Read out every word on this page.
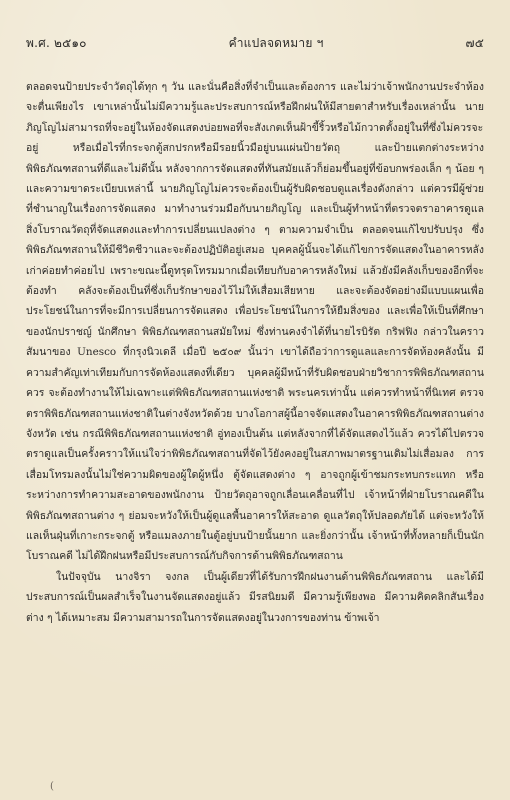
พ.ศ. ๒๕๑๐	คำแปลจดหมาย ฯ	๗๕

ตลอดจนป้ายประจำวัตถุได้ทุก ๆ วัน และนั่นคือสิ่งที่จำเป็นและต้องการ และไม่ว่าเจ้าพนักงานประจำห้องจะตื่นเพียงไร เขาเหล่านั้นไม่มีความรู้และประสบการณ์หรือฝึกฝนให้มีสายตาสำหรับเรื่องเหล่านั้น นายภิญโญไม่สามารถที่จะอยู่ในห้องจัดแสดงบ่อยพอที่จะสังเกตเห็นฝ้าขี้ริ้วหรือไม้กวาดตั้งอยู่ในที่ซึ่งไม่ควรจะอยู่ หรือเมื่อไรที่กระจกตู้สกปรกหรือมีรอยนิ้วมือยู่บนแผ่นป้ายวัตถุ และป้ายแตกต่างระหว่างพิพิธภัณฑสถานที่ดีและไม่ดีนั้น หลังจากการจัดแสดงที่ทันสมัยแล้วก็ย่อมขึ้นอยู่ที่ข้อบกพร่องเล็ก ๆ น้อย ๆ และความขาดระเบียบเหล่านี้ นายภิญโญไม่ควรจะต้องเป็นผู้รับผิดชอบดูแลเรื่องดังกล่าว แต่ควรมีผู้ช่วยที่ชำนาญในเรื่องการจัดแสดง มาทำงานร่วมมือกับนายภิญโญ และเป็นผู้ทำหน้าที่ตรวจตราอาคารดูแลสิ่งโบราณวัตถุที่จัดแสดงและทำการเปลี่ยนแปลงต่าง ๆ ตามความจำเป็น ตลอดจนแก้ไขปรับปรุง ซึ่งพิพิธภัณฑสถานให้มีชีวิตชีวาและจะต้องปฏิบัติอยู่เสมอ บุคคลผู้นั้นจะได้แก้ไขการจัดแสดงในอาคารหลังเก่าค่อยทำค่อยไป เพราะขณะนี้ดูทรุดโทรมมากเมื่อเทียบกับอาคารหลังใหม่ แล้วยังมีคลังเก็บของอีกที่จะต้องทำ คลังจะต้องเป็นที่ซึ่งเก็บรักษาของไว้ไม่ให้เสื่อมเสียหาย และจะต้องจัดอย่างมีแบบแผนเพื่อประโยชน์ในการที่จะมีการเปลี่ยนการจัดแสดง เพื่อประโยชน์ในการให้ยืมสิ่งของ และเพื่อให้เป็นที่ศึกษาของนักปราชญ์ นักศึกษา พิพิธภัณฑสถานสมัยใหม่ ซึ่งท่านคงจำได้ที่นายไรบิรัต กริฟฟิง กล่าวในคราวสัมนาของ Unesco ที่กรุงนิวเดลี เมื่อปี ๒๕๐๙ นั้นว่า เขาได้ถือว่าการดูแลและการจัดห้องคลังนั้น มีความสำคัญเท่าเทียมกับการจัดห้องแสดงที่เดียว บุคคลผู้มีหน้าที่รับผิดชอบฝ่ายวิชาการพิพิธภัณฑสถานควร จะต้องทำงานให้ไม่เฉพาะแต่พิพิธภัณฑสถานแห่งชาติ พระนครเท่านั้น แต่ควรทำหน้าที่นิเทศ ตรวจตราพิพิธภัณฑสถานแห่งชาติในต่างจังหวัดด้วย บางโอกาสผู้นี้อาจจัดแสดงในอาคารพิพิธภัณฑสถานต่างจังหวัด เช่น กรณีพิพิธภัณฑสถานแห่งชาติ อู่ทองเป็นต้น แต่หลังจากที่ได้จัดแสดงไว้แล้ว ควรได้ไปตรวจตราดูแลเป็นครั้งคราวให้แน่ใจว่าพิพิธภัณฑสถานที่จัดไว้ยังคงอยู่ในสภาพมาตรฐานเดิมไม่เสื่อมลง การเสื่อมโทรมลงนั้นไม่ใช่ความผิดของผู้ใดผู้หนึ่ง ตู้จัดแสดงต่าง ๆ อาจถูกผู้เข้าชมกระทบกระแทก หรือระหว่างการทำความสะอาดของพนักงาน ป้ายวัตถุอาจถูกเลื่อนเคลื่อนที่ไป เจ้าหน้าที่ฝ่ายโบราณคดีในพิพิธภัณฑสถานต่าง ๆ ย่อมจะหวังให้เป็นผู้ดูแลพื้นอาคารให้สะอาด ดูแลวัตถุให้ปลอดภัยได้ แต่จะหวังให้แลเห็นฝุ่นที่เกาะกระจกตู้ หรือแมลงภายในตู้อยู่บนป้ายนั้นยาก และยิ่งกว่านั้น เจ้าหน้าที่ทั้งหลายก็เป็นนักโบราณคดี ไม่ได้ฝึกฝนหรือมีประสบการณ์กับกิจการด้านพิพิธภัณฑสถาน

ในปัจจุบัน นางจิรา จงกล เป็นผู้เดียวที่ได้รับการฝึกฝนงานด้านพิพิธภัณฑสถาน และได้มีประสบการณ์เป็นผลสำเร็จในงานจัดแสดงอยู่แล้ว มีรสนิยมดี มีความรู้เพียงพอ มีความคิดคลิกสันเรื่องต่าง ๆ ได้เหมาะสม มีความสามารถในการจัดแสดงอยู่ในวงการของท่าน ข้าพเจ้า

(
